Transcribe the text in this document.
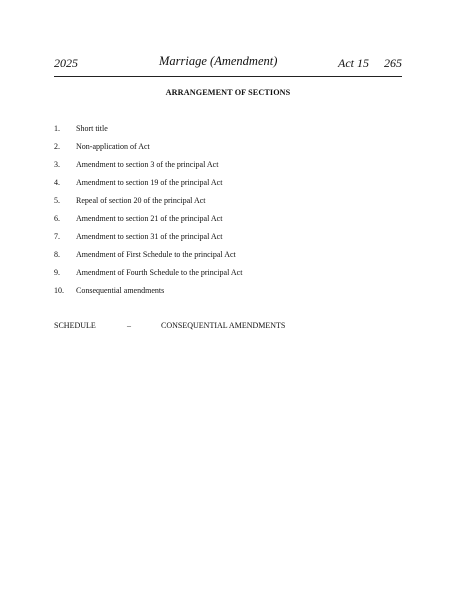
2025	Marriage (Amendment)	Act 15 265
ARRANGEMENT OF SECTIONS
1. Short title
2. Non-application of Act
3. Amendment to section 3 of the principal Act
4. Amendment to section 19 of the principal Act
5. Repeal of section 20 of the principal Act
6. Amendment to section 21 of the principal Act
7. Amendment to section 31 of the principal Act
8. Amendment of First Schedule to the principal Act
9. Amendment of Fourth Schedule to the principal Act
10. Consequential amendments
SCHEDULE	–	CONSEQUENTIAL AMENDMENTS
